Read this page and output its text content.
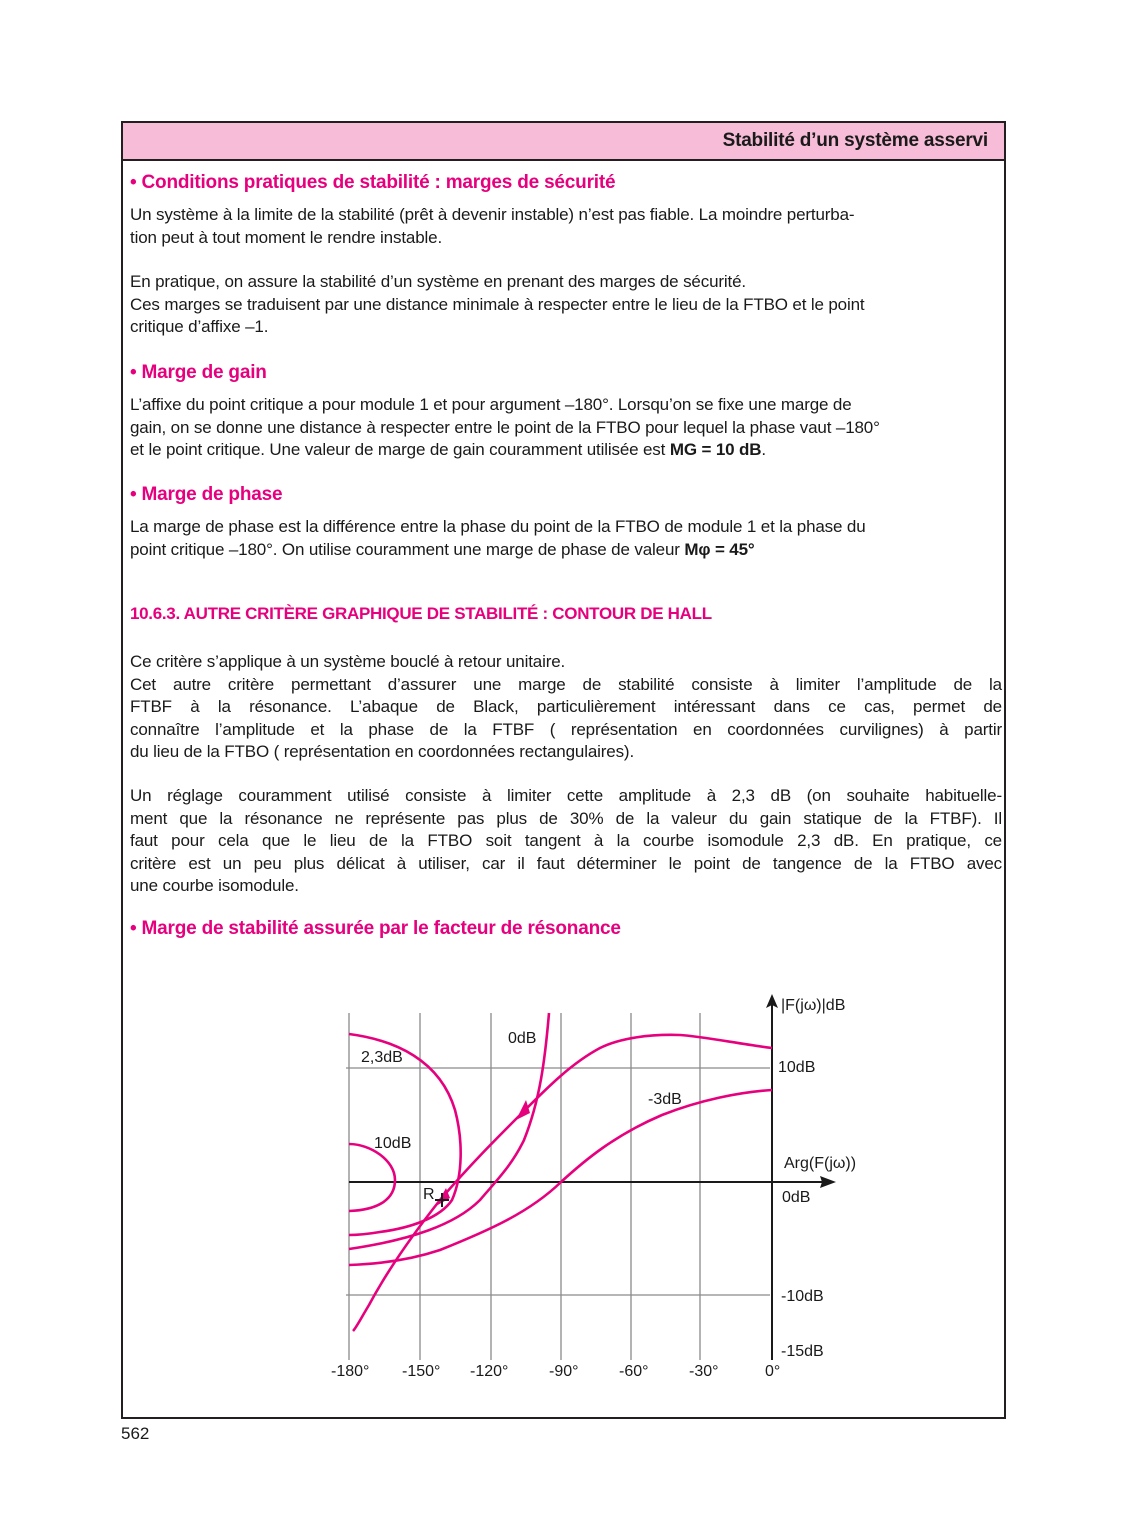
Stabilité d’un système asservi
• Conditions pratiques de stabilité : marges de sécurité

Un système à la limite de la stabilité (prêt à devenir instable) n’est pas fiable. La moindre perturba-

tion peut à tout moment le rendre instable.

En pratique, on assure la stabilité d’un système en prenant des marges de sécurité.

Ces marges se traduisent par une distance minimale à respecter entre le lieu de la FTBO et le point

critique d’affixe –1.

• Marge de gain

L’affixe du point critique a pour module 1 et pour argument –180°. Lorsqu’on se fixe une marge de

gain, on se donne une distance à respecter entre le point de la FTBO pour lequel la phase vaut –180°

et le point critique. Une valeur de marge de gain couramment utilisée est MG = 10 dB.

• Marge de phase

La marge de phase est la différence entre la phase du point de la FTBO de module 1 et la phase du

point critique –180°. On utilise couramment une marge de phase de valeur Mφ = 45°

10.6.3. AUTRE CRITÈRE GRAPHIQUE DE STABILITÉ : CONTOUR DE HALL

Ce critère s’applique à un système bouclé à retour unitaire.

Cet autre critère permettant d’assurer une marge de stabilité consiste à limiter l’amplitude de la

FTBF à la résonance. L’abaque de Black, particulièrement intéressant dans ce cas, permet de

connaître l’amplitude et la phase de la FTBF ( représentation en coordonnées curvilignes) à partir

du lieu de la FTBO ( représentation en coordonnées rectangulaires).

Un réglage couramment utilisé consiste à limiter cette amplitude à 2,3 dB (on souhaite habituelle-

ment que la résonance ne représente pas plus de 30% de la valeur du gain statique de la FTBF). Il

faut pour cela que le lieu de la FTBO soit tangent à la courbe isomodule 2,3 dB. En pratique, ce

critère est un peu plus délicat à utiliser, car il faut déterminer le point de tangence de la FTBO avec

une courbe isomodule.

• Marge de stabilité assurée par le facteur de résonance
2,3dB
10dB
0dB
-3dB
R
|F(jω)|dB
Arg(F(jω))
10dB
0dB
-10dB
-15dB
-180° -150° -120°	-90°	-60°	-30°	0°
562
